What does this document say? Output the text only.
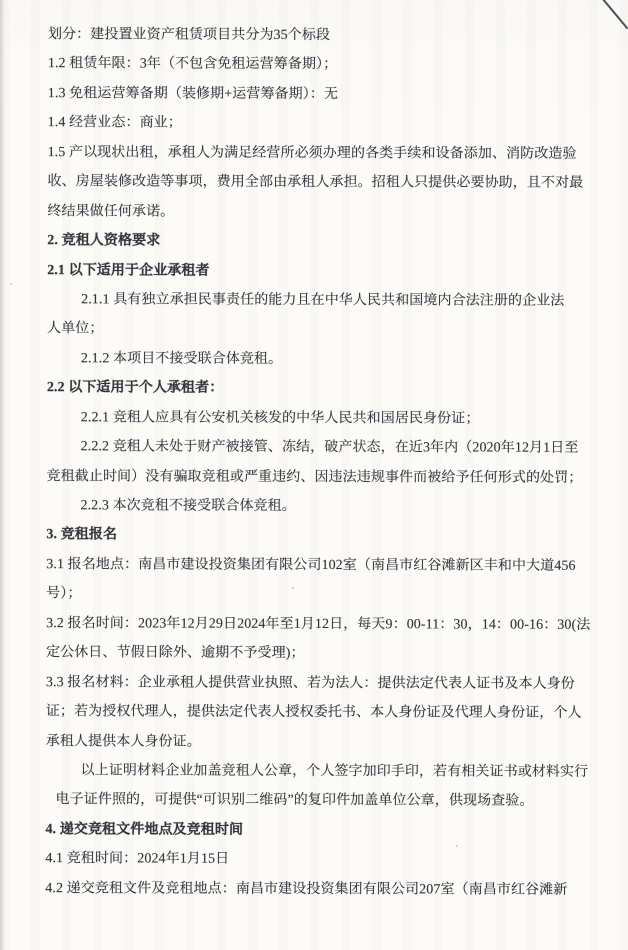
划分：建投置业资产租赁项目共分为35个标段
1.2 租赁年限：3年（不包含免租运营筹备期）；
1.3 免租运营筹备期（装修期+运营筹备期）：无
1.4 经营业态：商业；
1.5 产以现状出租，承租人为满足经营所必须办理的各类手续和设备添加、消防改造验
收、房屋装修改造等事项，费用全部由承租人承担。招租人只提供必要协助，且不对最
终结果做任何承诺。
2. 竞租人资格要求
2.1 以下适用于企业承租者
2.1.1 具有独立承担民事责任的能力且在中华人民共和国境内合法注册的企业法
人单位；
2.1.2 本项目不接受联合体竞租。
2.2 以下适用于个人承租者：
2.2.1 竞租人应具有公安机关核发的中华人民共和国居民身份证；
2.2.2 竞租人未处于财产被接管、冻结，破产状态，在近3年内（2020年12月1日至
竞租截止时间）没有骗取竞租或严重违约、因违法违规事件而被给予任何形式的处罚；
2.2.3 本次竞租不接受联合体竞租。
3. 竞租报名
3.1 报名地点：南昌市建设投资集团有限公司102室（南昌市红谷滩新区丰和中大道456
号）；
3.2 报名时间：2023年12月29日2024年至1月12日，每天9：00-11：30，14：00-16：30(法
定公休日、节假日除外、逾期不予受理)；
3.3 报名材料：企业承租人提供营业执照、若为法人：提供法定代表人证书及本人身份
证；若为授权代理人，提供法定代表人授权委托书、本人身份证及代理人身份证，个人
承租人提供本人身份证。
以上证明材料企业加盖竞租人公章，个人签字加印手印，若有相关证书或材料实行
电子证件照的，可提供“可识别二维码”的复印件加盖单位公章，供现场查验。
4. 递交竞租文件地点及竞租时间
4.1 竞租时间：2024年1月15日
4.2 递交竞租文件及竞租地点：南昌市建设投资集团有限公司207室（南昌市红谷滩新
